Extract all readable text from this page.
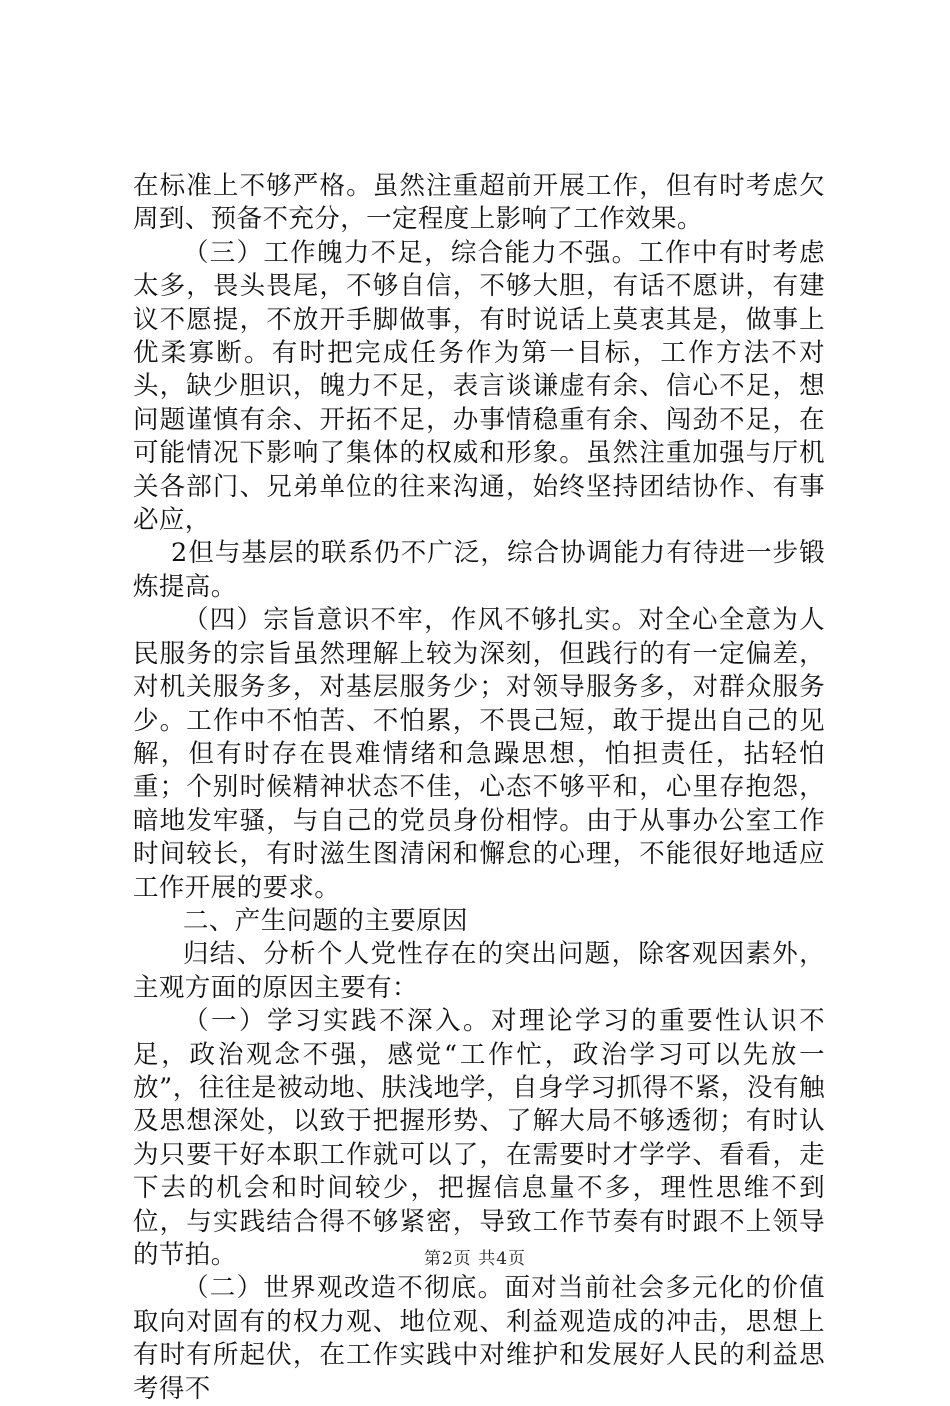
在标准上不够严格。虽然注重超前开展工作，但有时考虑欠周到、预备不充分，一定程度上影响了工作效果。

（三）工作魄力不足，综合能力不强。工作中有时考虑太多，畏头畏尾，不够自信，不够大胆，有话不愿讲，有建议不愿提，不放开手脚做事，有时说话上莫衷其是，做事上优柔寡断。有时把完成任务作为第一目标，工作方法不对头，缺少胆识，魄力不足，表言谈谦虚有余、信心不足，想问题谨慎有余、开拓不足，办事情稳重有余、闯劲不足，在可能情况下影响了集体的权威和形象。虽然注重加强与厅机关各部门、兄弟单位的往来沟通，始终坚持团结协作、有事必应，

2但与基层的联系仍不广泛，综合协调能力有待进一步锻炼提高。

（四）宗旨意识不牢，作风不够扎实。对全心全意为人民服务的宗旨虽然理解上较为深刻，但践行的有一定偏差，对机关服务多，对基层服务少；对领导服务多，对群众服务少。工作中不怕苦、不怕累，不畏己短，敢于提出自己的见解，但有时存在畏难情绪和急躁思想，怕担责任，拈轻怕重；个别时候精神状态不佳，心态不够平和，心里存抱怨，暗地发牢骚，与自己的党员身份相悖。由于从事办公室工作时间较长，有时滋生图清闲和懈怠的心理，不能很好地适应工作开展的要求。

二、产生问题的主要原因

归结、分析个人党性存在的突出问题，除客观因素外，主观方面的原因主要有：

（一）学习实践不深入。对理论学习的重要性认识不足，政治观念不强，感觉“工作忙，政治学习可以先放一放”，往往是被动地、肤浅地学，自身学习抓得不紧，没有触及思想深处，以致于把握形势、了解大局不够透彻；有时认为只要干好本职工作就可以了，在需要时才学学、看看，走下去的机会和时间较少，把握信息量不多，理性思维不到位，与实践结合得不够紧密，导致工作节奏有时跟不上领导的节拍。

（二）世界观改造不彻底。面对当前社会多元化的价值取向对固有的权力观、地位观、利益观造成的冲击，思想上有时有所起伏，在工作实践中对维护和发展好人民的利益思考得不

第2页 共4页
